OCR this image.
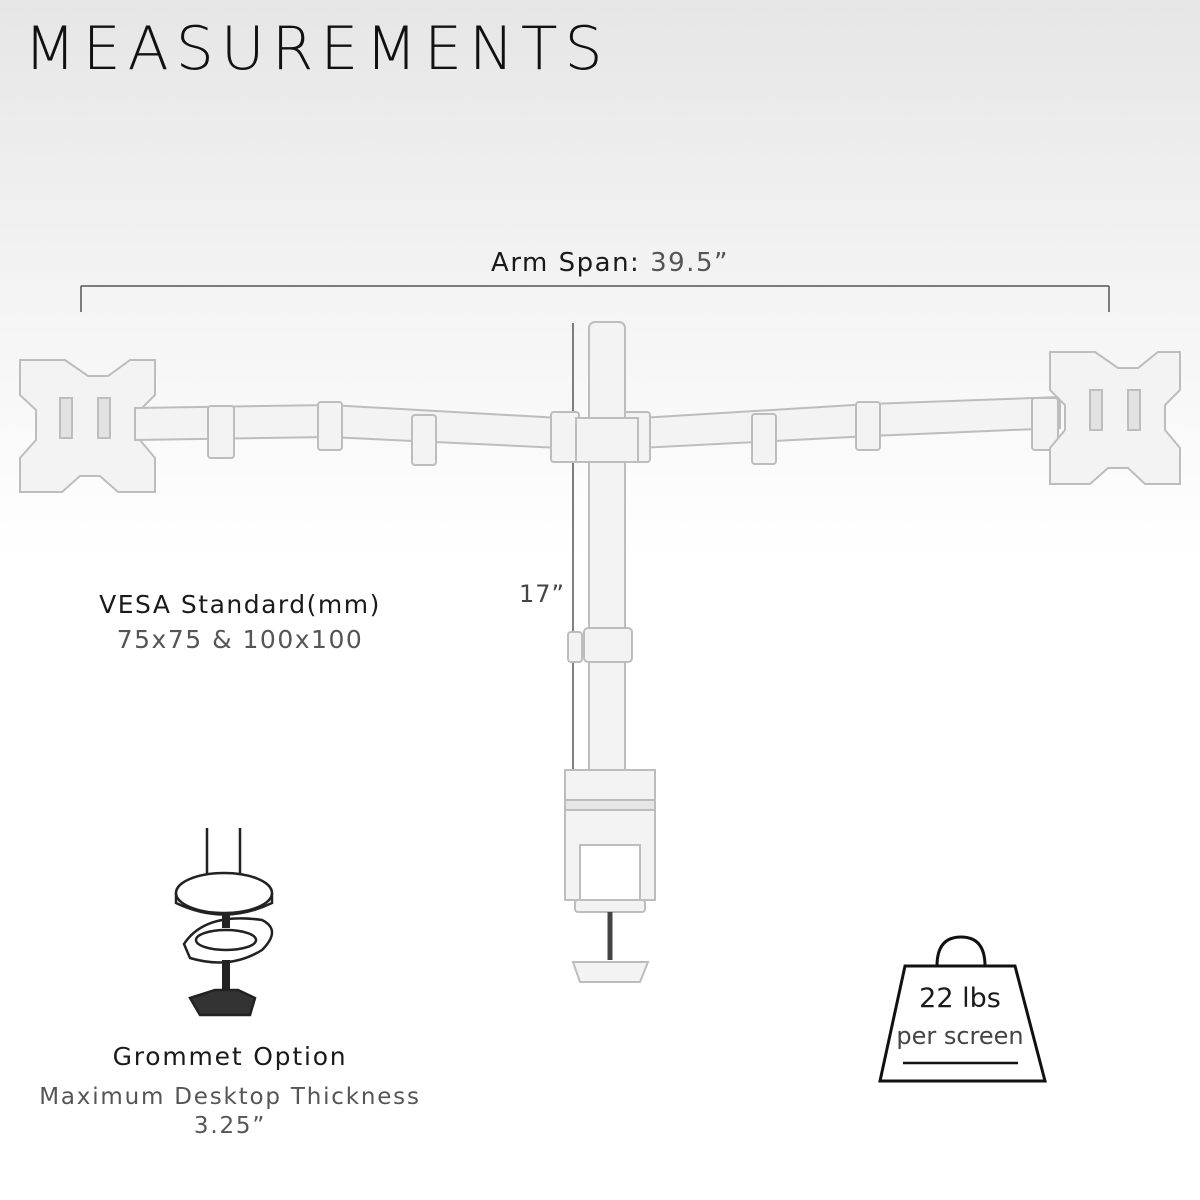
MEASUREMENTS
Arm Span: 39.5”
VESA Standard(mm)
75x75 & 100x100
17”
Grommet Option
Maximum Desktop Thickness
3.25”
22 lbs
per screen
